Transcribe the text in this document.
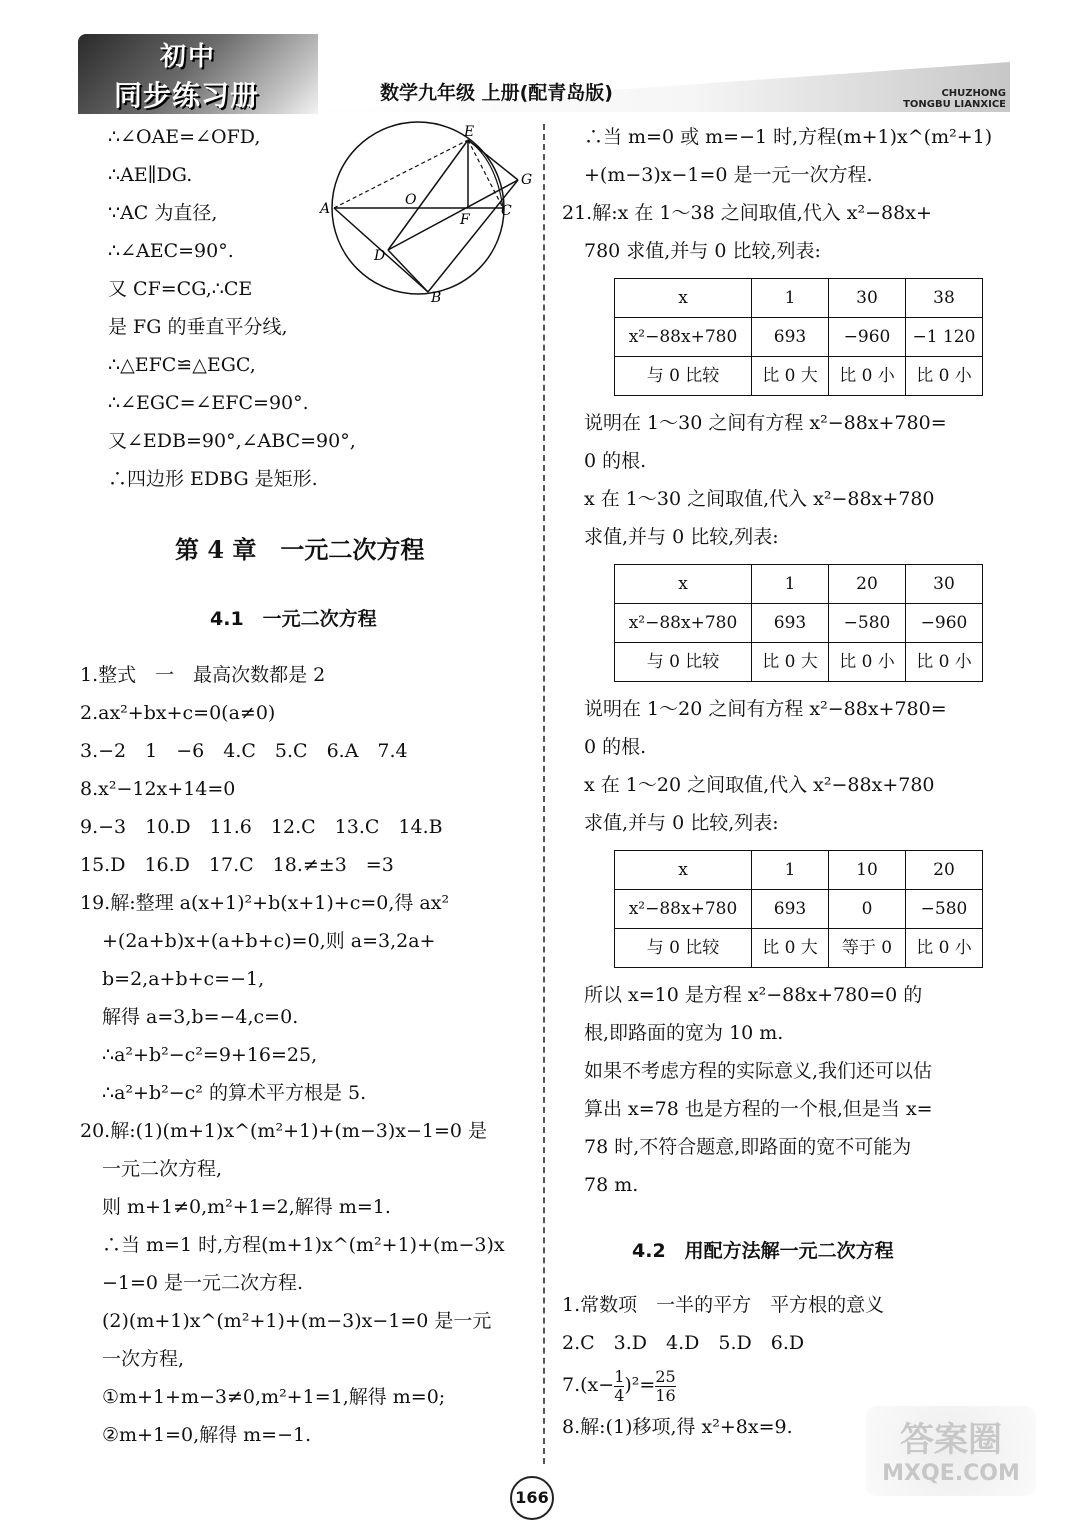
初中
同步练习册	数学九年级 上册(配青岛版)	CHUZHONG
TONGBU LIANXICE
∴∠OAE=∠OFD,
∴AE∥DG.
∵AC 为直径,
∴∠AEC=90°.
又 CF=CG,∴CE
是 FG 的垂直平分线,
∴△EFC≌△EGC,
∴∠EGC=∠EFC=90°.
又∠EDB=90°,∠ABC=90°,
∴四边形 EDBG 是矩形.
E
A
O
F
C
G
D
B
第 4 章　一元二次方程
4.1　一元二次方程
1.整式　一　最高次数都是 2
2.ax²+bx+c=0(a≠0)
3.−2　1　−6　4.C　5.C　6.A　7.4
8.x²−12x+14=0
9.−3　10.D　11.6　12.C　13.C　14.B
15.D　16.D　17.C　18.≠±3　=3
19.解:整理 a(x+1)²+b(x+1)+c=0,得 ax²
+(2a+b)x+(a+b+c)=0,则 a=3,2a+
b=2,a+b+c=−1,
解得 a=3,b=−4,c=0.
∴a²+b²−c²=9+16=25,
∴a²+b²−c² 的算术平方根是 5.
20.解:(1)(m+1)x^(m²+1)+(m−3)x−1=0 是
一元二次方程,
则 m+1≠0,m²+1=2,解得 m=1.
∴当 m=1 时,方程(m+1)x^(m²+1)+(m−3)x
−1=0 是一元二次方程.
(2)(m+1)x^(m²+1)+(m−3)x−1=0 是一元
一次方程,
①m+1+m−3≠0,m²+1=1,解得 m=0;
②m+1=0,解得 m=−1.
∴当 m=0 或 m=−1 时,方程(m+1)x^(m²+1)
+(m−3)x−1=0 是一元一次方程.
21.解:x 在 1～38 之间取值,代入 x²−88x+
780 求值,并与 0 比较,列表:
x	1	30	38
x²−88x+780	693	−960	−1 120
与 0 比较	比 0 大	比 0 小	比 0 小
说明在 1～30 之间有方程 x²−88x+780=
0 的根.
x 在 1～30 之间取值,代入 x²−88x+780
求值,并与 0 比较,列表:
x	1	20	30
x²−88x+780	693	−580	−960
与 0 比较	比 0 大	比 0 小	比 0 小
说明在 1～20 之间有方程 x²−88x+780=
0 的根.
x 在 1～20 之间取值,代入 x²−88x+780
求值,并与 0 比较,列表:
x	1	10	20
x²−88x+780	693	0	−580
与 0 比较	比 0 大	等于 0	比 0 小
所以 x=10 是方程 x²−88x+780=0 的
根,即路面的宽为 10 m.
如果不考虑方程的实际意义,我们还可以估
算出 x=78 也是方程的一个根,但是当 x=
78 时,不符合题意,即路面的宽不可能为
78 m.
4.2　用配方法解一元二次方程
1.常数项　一半的平方　平方根的意义
2.C　3.D　4.D　5.D　6.D
$7.(x- \frac{1}{4} )^2= \frac{25}{16}$
8.解:(1)移项,得 x²+8x=9.
166
答案圈
MXQE.COM
